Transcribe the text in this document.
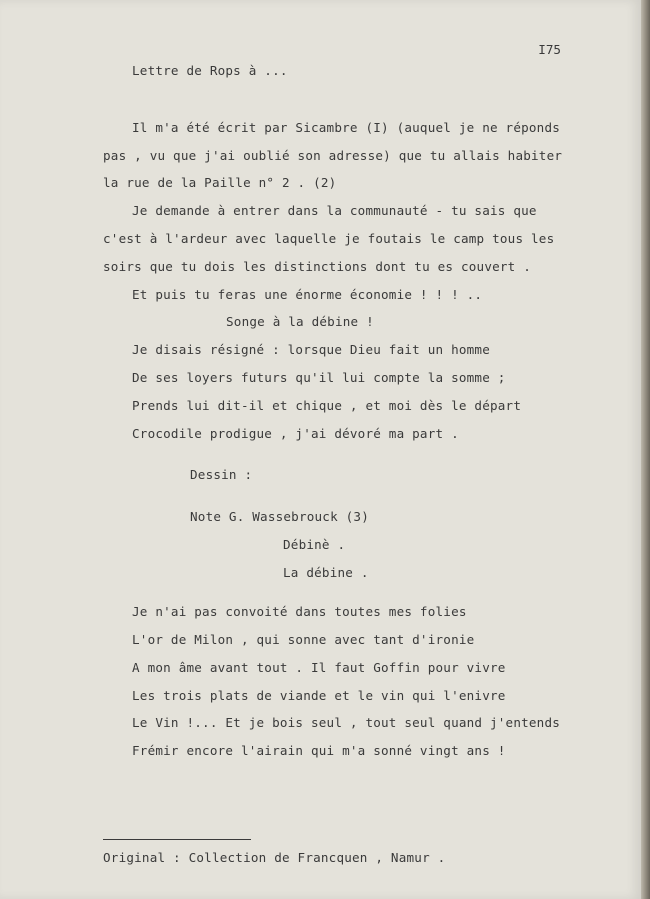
I75
Lettre de Rops à ...
Il m'a été écrit par Sicambre (I) (auquel je ne réponds
pas , vu que j'ai oublié son adresse) que tu allais habiter
la rue de la Paille n° 2 . (2)
Je demande à entrer dans la communauté - tu sais que
c'est à l'ardeur avec laquelle je foutais le camp tous les
soirs que tu dois les distinctions dont tu es couvert .
Et puis tu feras une énorme économie ! ! ! ..
Songe à la débine !
Je disais résigné : lorsque Dieu fait un homme
De ses loyers futurs qu'il lui compte la somme ;
Prends lui dit-il et chique , et moi dès le départ
Crocodile prodigue , j'ai dévoré ma part .
Dessin :
Note G. Wassebrouck (3)
Débinè .
La débine .
Je n'ai pas convoité dans toutes mes folies
L'or de Milon , qui sonne avec tant d'ironie
A mon âme avant tout . Il faut Goffin pour vivre
Les trois plats de viande et le vin qui l'enivre
Le Vin !... Et je bois seul , tout seul quand j'entends
Frémir encore l'airain qui m'a sonné vingt ans !
Original : Collection de Francquen , Namur .
